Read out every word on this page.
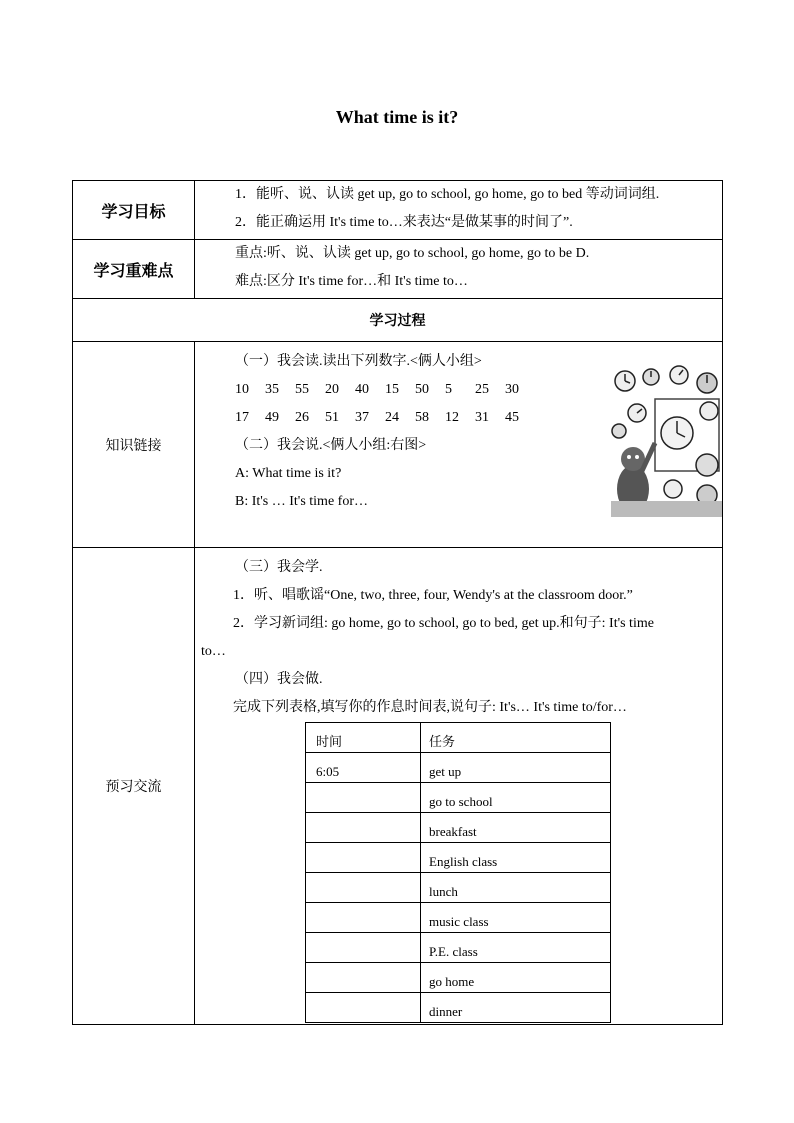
What time is it?
学习目标	
1．能听、说、认读 get up, go to school, go home, go to bed 等动词词组.
2．能正确运用 It's time to…来表达“是做某事的时间了”.

学习重难点	
重点:听、说、认读 get up, go to school, go home, go to be D.
难点:区分 It's time for…和 It's time to…

学习过程
知识链接	
（一）我会读.读出下列数字.<俩人小组>
10 35 55 20 40 15 50 5 25 30
17 49 26 51 37 24 58 12 31 45
（二）我会说.<俩人小组:右图>
A: What time is it?
B: It's … It's time for…

预习交流	
（三）我会学.
1．听、唱歌谣“One, two, three, four, Wendy's at the classroom door.”
2．学习新词组: go home, go to school, go to bed, get up.和句子: It's time
to…
（四）我会做.
完成下列表格,填写你的作息时间表,说句子: It's… It's time to/for…
时间	任务
6:05	get up
	go to school
	breakfast
	English class
	lunch
	music class
	P.E. class
	go home
	dinner
